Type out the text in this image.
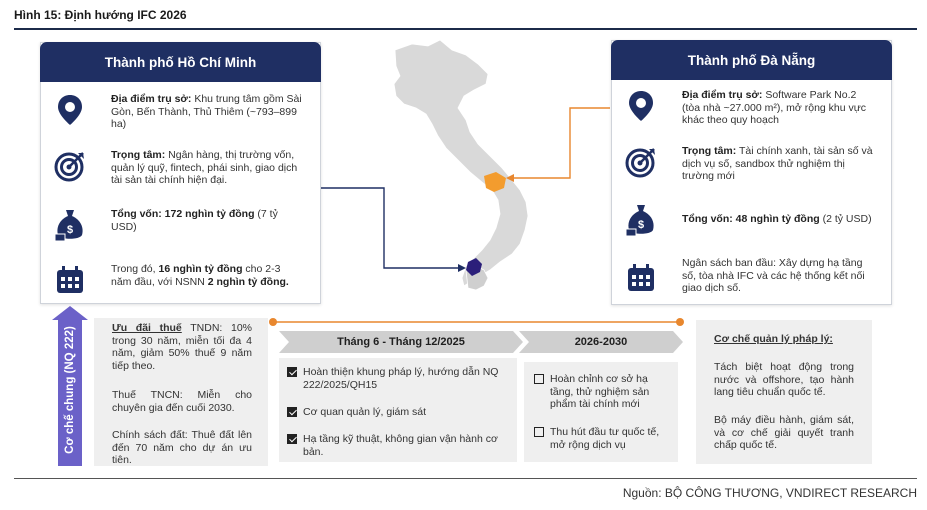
Hình 15: Định hướng IFC 2026
Thành phố Hồ Chí Minh
Địa điểm trụ sở: Khu trung tâm gồm Sài Gòn, Bến Thành, Thủ Thiêm (~793–899 ha)
Trọng tâm: Ngân hàng, thị trường vốn, quản lý quỹ, fintech, phái sinh, giao dịch tài sản tài chính hiện đại.
$
Tổng vốn: 172 nghìn tỷ đồng (7 tỷ USD)
Trong đó, 16 nghìn tỷ đồng cho 2-3 năm đầu, với NSNN 2 nghìn tỷ đồng.
Thành phố Đà Nẵng
Địa điểm trụ sở: Software Park No.2 (tòa nhà ~27.000 m²), mở rộng khu vực khác theo quy hoạch
Trọng tâm: Tài chính xanh, tài sản số và dịch vụ số, sandbox thử nghiệm thị trường mới
$	Tổng vốn: 48 nghìn tỷ đồng (2 tỷ USD)
Ngân sách ban đầu: Xây dựng hạ tầng số, tòa nhà IFC và các hệ thống kết nối giao dịch số.
Cơ chế chung (NQ 222)	Ưu đãi thuế TNDN: 10% trong 30 năm, miễn tối đa 4 năm, giảm 50% thuế 9 năm tiếp theo.
Thuế TNCN: Miễn cho chuyên gia đến cuối 2030.
Chính sách đất: Thuê đất lên đến 70 năm cho dự án ưu tiên.
Tháng 6 - Tháng 12/2025	2026-2030
Hoàn thiện khung pháp lý, hướng dẫn NQ 222/2025/QH15
Cơ quan quản lý, giám sát
Hạ tầng kỹ thuật, không gian vận hành cơ bản.
Hoàn chỉnh cơ sở hạ tầng, thử nghiệm sản phẩm tài chính mới
Thu hút đầu tư quốc tế, mở rộng dịch vụ
Cơ chế quản lý pháp lý:
Tách biệt hoạt động trong nước và offshore, tạo hành lang tiêu chuẩn quốc tế.
Bộ máy điều hành, giám sát, và cơ chế giải quyết tranh chấp quốc tế.
Nguồn: BỘ CÔNG THƯƠNG, VNDIRECT RESEARCH
